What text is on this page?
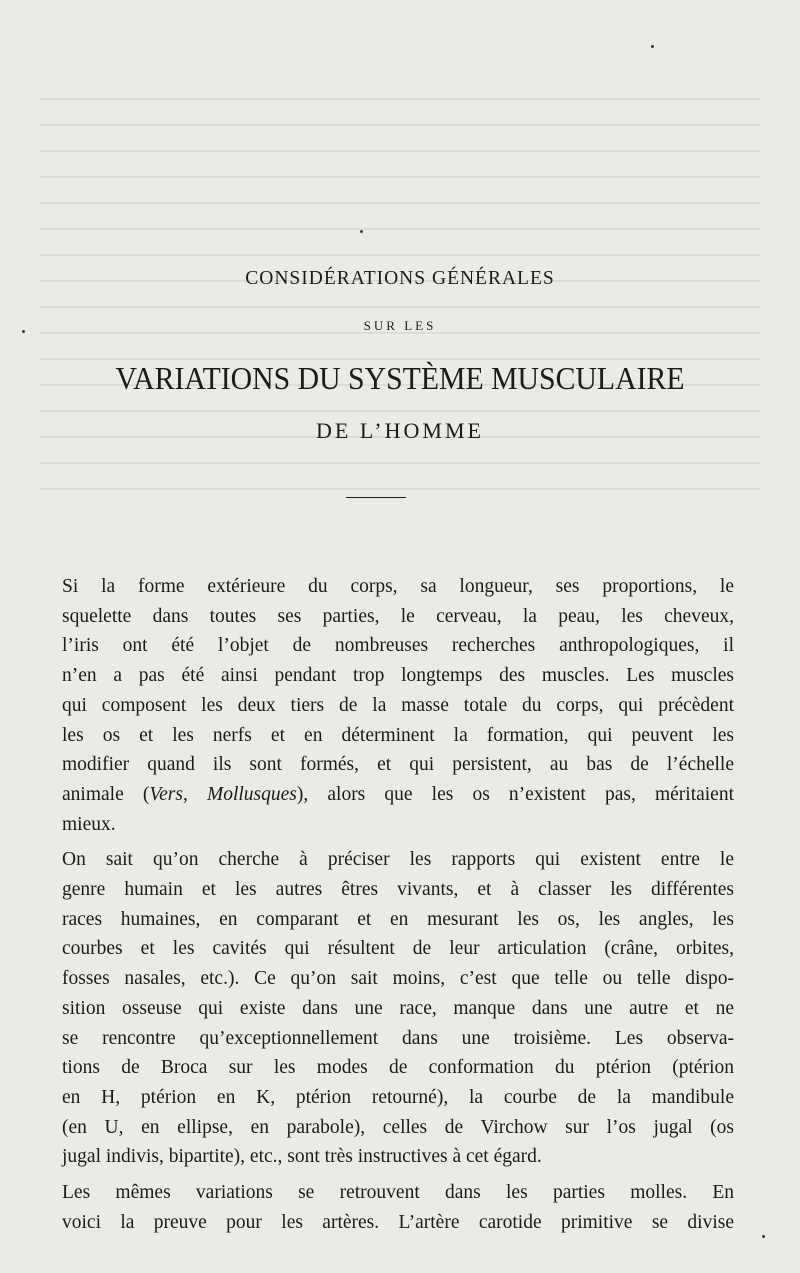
CONSIDÉRATIONS GÉNÉRALES
SUR LES
VARIATIONS DU SYSTÈME MUSCULAIRE
DE L’HOMME

Si la forme extérieure du corps, sa longueur, ses proportions, le
squelette dans toutes ses parties, le cerveau, la peau, les cheveux,
l’iris ont été l’objet de nombreuses recherches anthropologiques, il
n’en a pas été ainsi pendant trop longtemps des muscles. Les muscles
qui composent les deux tiers de la masse totale du corps, qui précèdent
les os et les nerfs et en déterminent la formation, qui peuvent les
modifier quand ils sont formés, et qui persistent, au bas de l’échelle
animale (Vers, Mollusques), alors que les os n’existent pas, méritaient
mieux.

On sait qu’on cherche à préciser les rapports qui existent entre le
genre humain et les autres êtres vivants, et à classer les différentes
races humaines, en comparant et en mesurant les os, les angles, les
courbes et les cavités qui résultent de leur articulation (crâne, orbites,
fosses nasales, etc.). Ce qu’on sait moins, c’est que telle ou telle dispo-
sition osseuse qui existe dans une race, manque dans une autre et ne
se rencontre qu’exceptionnellement dans une troisième. Les observa-
tions de Broca sur les modes de conformation du ptérion (ptérion
en H, ptérion en K, ptérion retourné), la courbe de la mandibule
(en U, en ellipse, en parabole), celles de Virchow sur l’os jugal (os
jugal indivis, bipartite), etc., sont très instructives à cet égard.

Les mêmes variations se retrouvent dans les parties molles. En
voici la preuve pour les artères. L’artère carotide primitive se divise
